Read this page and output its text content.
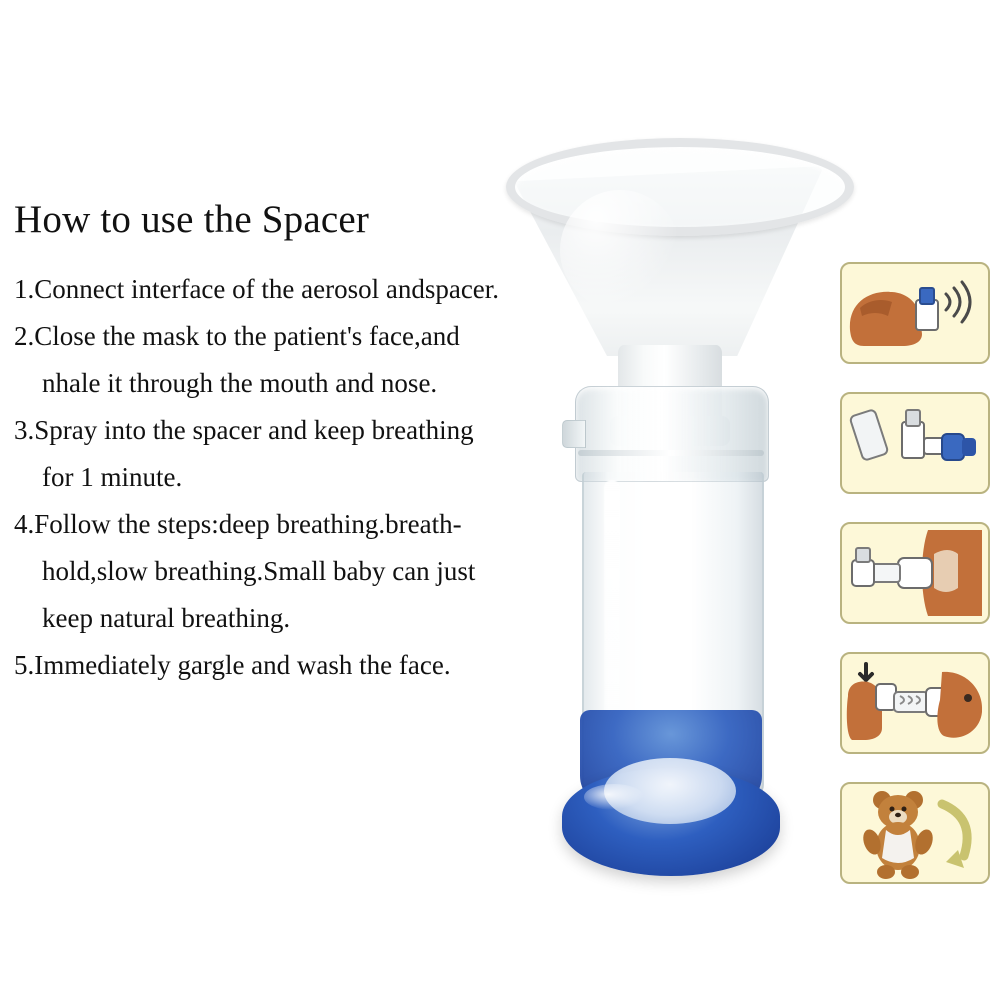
How to use the Spacer
1.Connect interface of the aerosol andspacer.
2.Close the mask to the patient's face,and
nhale it through the mouth and nose.
3.Spray into the spacer and keep breathing
for 1 minute.
4.Follow the steps:deep breathing.breath-
hold,slow breathing.Small baby can just
keep natural breathing.
5.Immediately gargle and wash the face.
